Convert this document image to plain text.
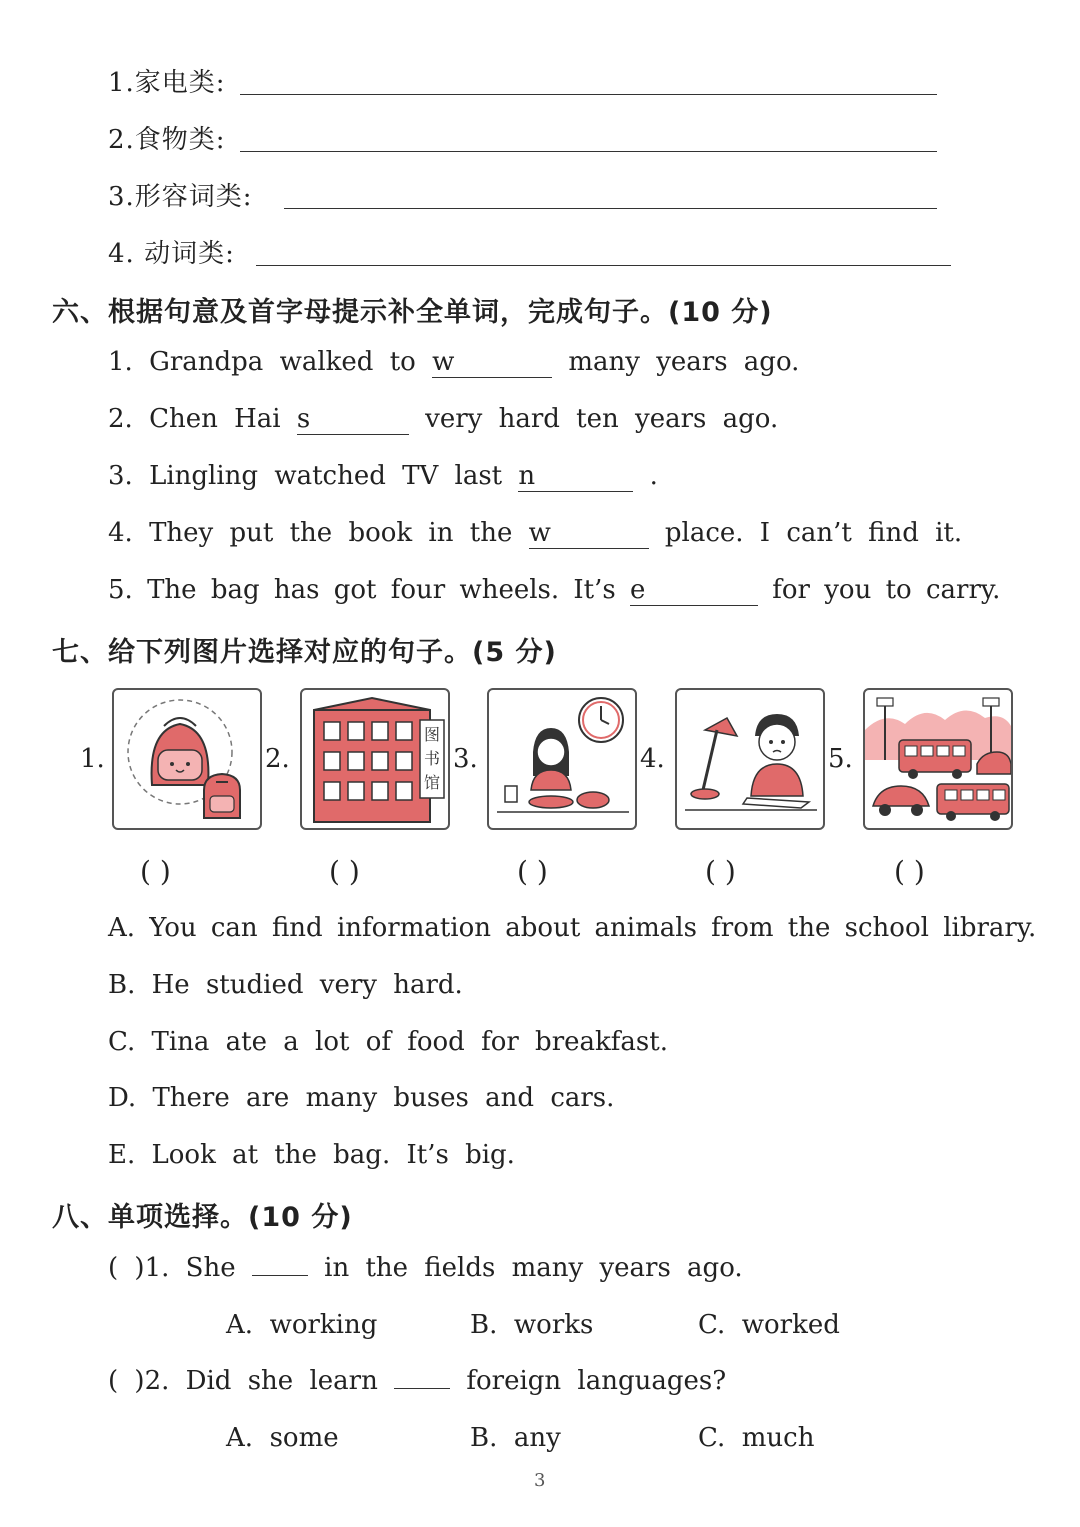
1.家电类:
2.食物类:
3.形容词类:
4. 动词类:
六、根据句意及首字母提示补全单词，完成句子。(10 分)
1. Grandpa walked to w	many years ago.
2. Chen Hai s	very hard ten years ago.
3. Lingling watched TV last n	.
4. They put the book in the w	place. I can’t find it.
5. The bag has got four wheels. It’s e	for you to carry.
七、给下列图片选择对应的句子。(5 分)
1.	2.
图
书
馆
3.	4.	5.
( )	( )	( )	( )	( )
A. You can find information about animals from the school library.
B. He studied very hard.
C. Tina ate a lot of food for breakfast.
D. There are many buses and cars.
E. Look at the bag. It’s big.
八、单项选择。(10 分)
( )1. She	in the fields many years ago.
A. working	B. works	C. worked
( )2. Did she learn	foreign languages?
A. some	B. any	C. much
3
